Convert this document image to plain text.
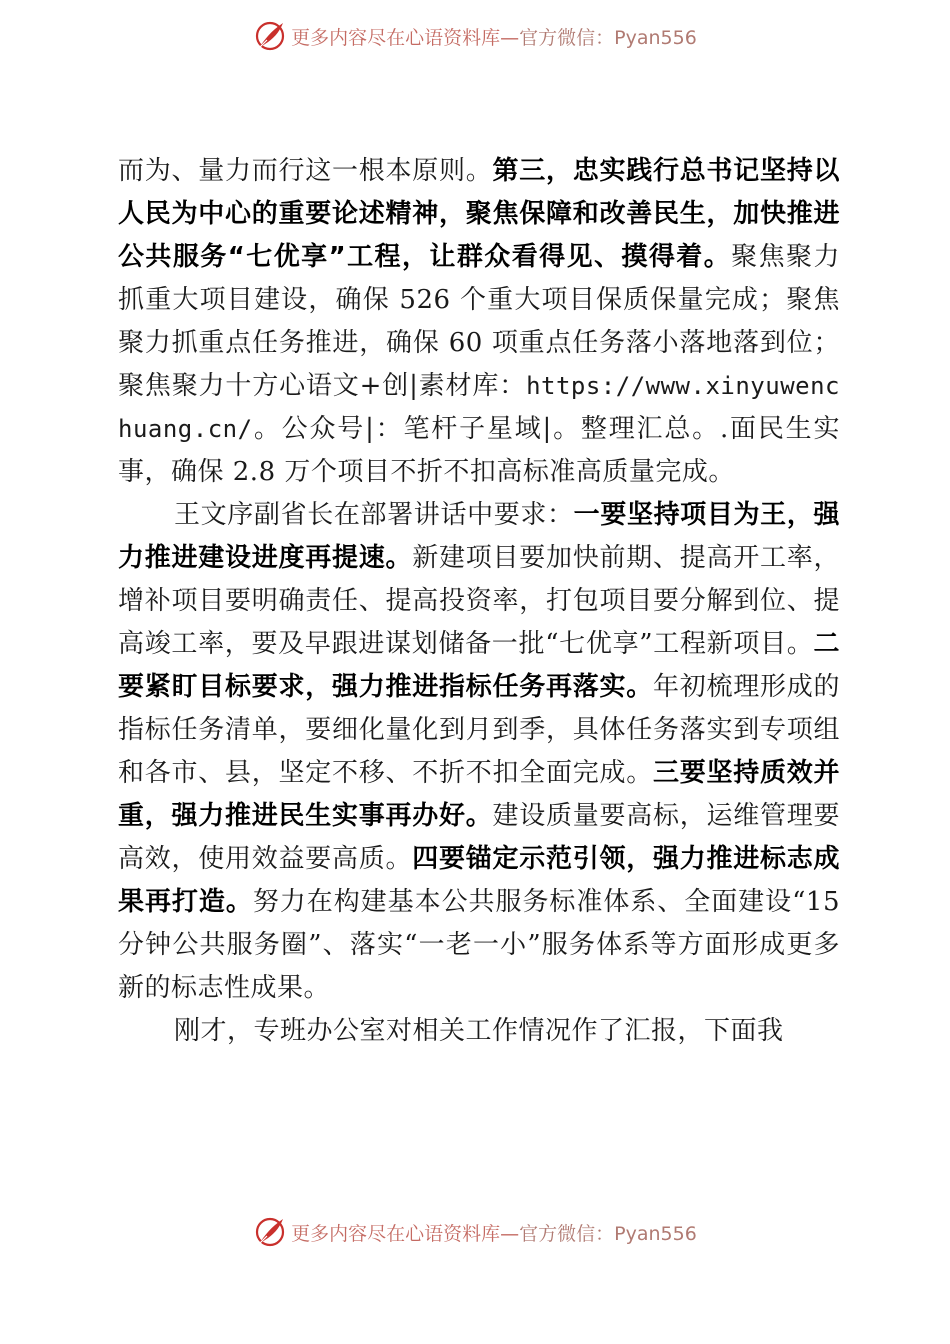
更多内容尽在心语资料库— 官方微信：Pyan556

而为、量力而行这一根本原则。第三，忠实践行总书记坚持以人民为中心的重要论述精神，聚焦保障和改善民生，加快推进公共服务“七优享”工程，让群众看得见、摸得着。聚焦聚力抓重大项目建设，确保 526 个重大项目保质保量完成；聚焦聚力抓重点任务推进，确保 60 项重点任务落小落地落到位；聚焦聚力十方心语文+创|素材库：https://www.xinyuwenchuang.cn/。公众号|：笔杆子星域|。整理汇总。.面民生实事，确保 2.8 万个项目不折不扣高标准高质量完成。

王文序副省长在部署讲话中要求：一要坚持项目为王，强力推进建设进度再提速。新建项目要加快前期、提高开工率，增补项目要明确责任、提高投资率，打包项目要分解到位、提高竣工率，要及早跟进谋划储备一批“七优享”工程新项目。二要紧盯目标要求，强力推进指标任务再落实。年初梳理形成的指标任务清单，要细化量化到月到季，具体任务落实到专项组和各市、县，坚定不移、不折不扣全面完成。三要坚持质效并重，强力推进民生实事再办好。建设质量要高标，运维管理要高效，使用效益要高质。四要锚定示范引领，强力推进标志成果再打造。努力在构建基本公共服务标准体系、全面建设“15 分钟公共服务圈”、落实“一老一小”服务体系等方面形成更多新的标志性成果。

刚才，专班办公室对相关工作情况作了汇报，下面我

更多内容尽在心语资料库— 官方微信：Pyan556
